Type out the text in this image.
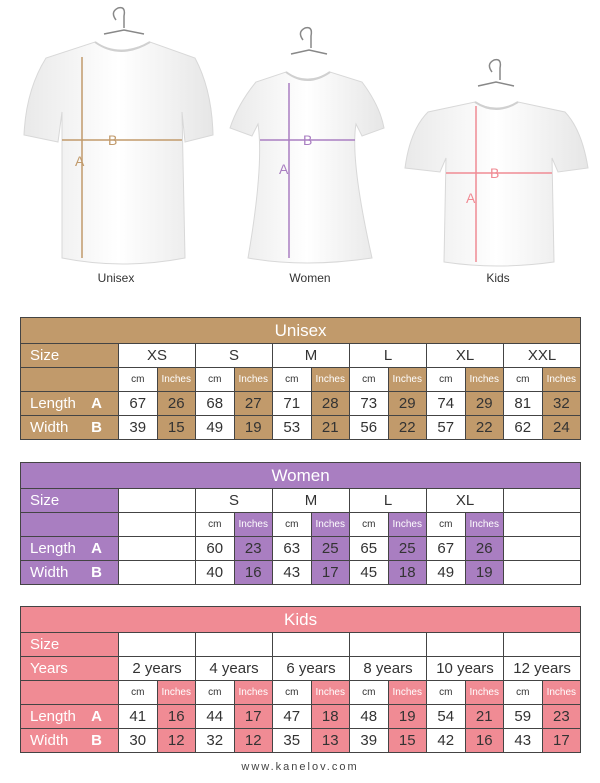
A
B
A
B
A
B
Unisex	Women	Kids
Unisex												
Size	XS		S		M		L		XL		XXL	
	cm	Inches	cm	Inches	cm	Inches	cm	Inches	cm	Inches	cm	Inches
Length A	67	26	68	27	71	28	73	29	74	29	81	32
Width B	39	15	49	19	53	21	56	22	57	22	62	24
Women										
Size		S		M		L		XL		
		cm	Inches	cm	Inches	cm	Inches	cm	Inches	
Length A		60	23	63	25	65	25	67	26	
Width B		40	16	43	17	45	18	49	19	
Kids												
Size												
Years	2 years		4 years		6 years		8 years		10 years		12 years	
	cm	Inches	cm	Inches	cm	Inches	cm	Inches	cm	Inches	cm	Inches
Length A	41	16	44	17	47	18	48	19	54	21	59	23
Width B	30	12	32	12	35	13	39	15	42	16	43	17
www.kanelov.com
